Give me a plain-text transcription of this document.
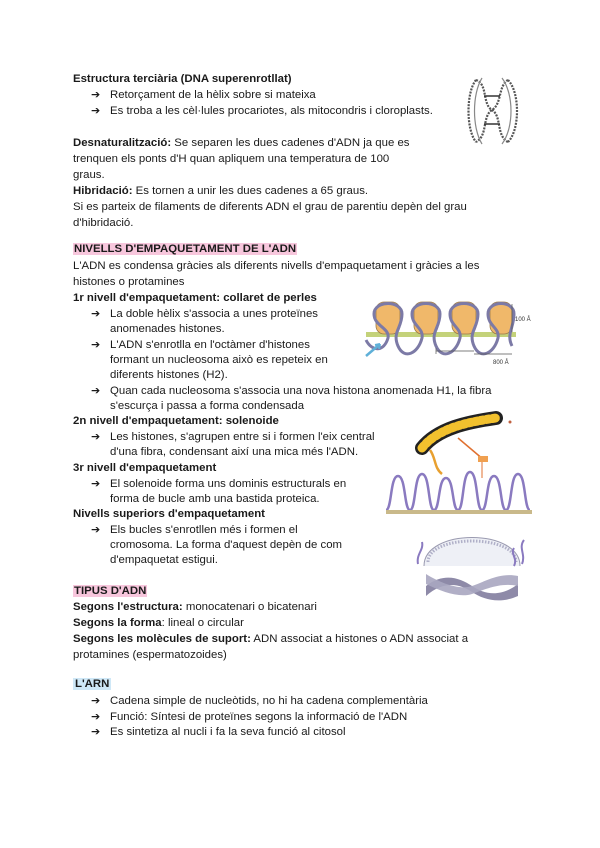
Estructura terciària (DNA superenrotllat)
➔ Retorçament de la hèlix sobre si mateixa
➔ Es troba a les cèl·lules procariotes, als mitocondris i cloroplasts.
Desnaturalització: Se separen les dues cadenes d'ADN ja que es
trenquen els ponts d'H quan apliquem una temperatura de 100
graus.
Hibridació: Es tornen a unir les dues cadenes a 65 graus.
Si es parteix de filaments de diferents ADN el grau de parentiu depèn del grau
d'hibridació.
NIVELLS D'EMPAQUETAMENT DE L'ADN
L'ADN es condensa gràcies als diferents nivells d'empaquetament i gràcies a les
histones o protamines
1r nivell d'empaquetament: collaret de perles
➔ La doble hèlix s'associa a unes proteïnes
anomenades histones.
➔ L'ADN s'enrotlla en l'octàmer d'histones
formant un nucleosoma això es repeteix en
diferents histones (H2).
➔ Quan cada nucleosoma s'associa una nova histona anomenada H1, la fibra
s'escurça i passa a forma condensada
100 Å
800 Å
2n nivell d'empaquetament: solenoide
➔ Les histones, s'agrupen entre si i formen l'eix central
d'una fibra, condensant així una mica més l'ADN.
3r nivell d'empaquetament
➔ El solenoide forma uns dominis estructurals en
forma de bucle amb una bastida proteica.
Nivells superiors d'empaquetament
➔ Els bucles s'enrotllen més i formen el
cromosoma. La forma d'aquest depèn de com
d'empaquetat estigui.
TIPUS D'ADN
Segons l'estructura: monocatenari o bicatenari
Segons la forma: lineal o circular
Segons les molècules de suport: ADN associat a histones o ADN associat a
protamines (espermatozoides)
L'ARN
➔ Cadena simple de nucleòtids, no hi ha cadena complementària
➔ Funció: Síntesi de proteïnes segons la informació de l'ADN
➔ Es sintetiza al nucli i fa la seva funció al citosol
